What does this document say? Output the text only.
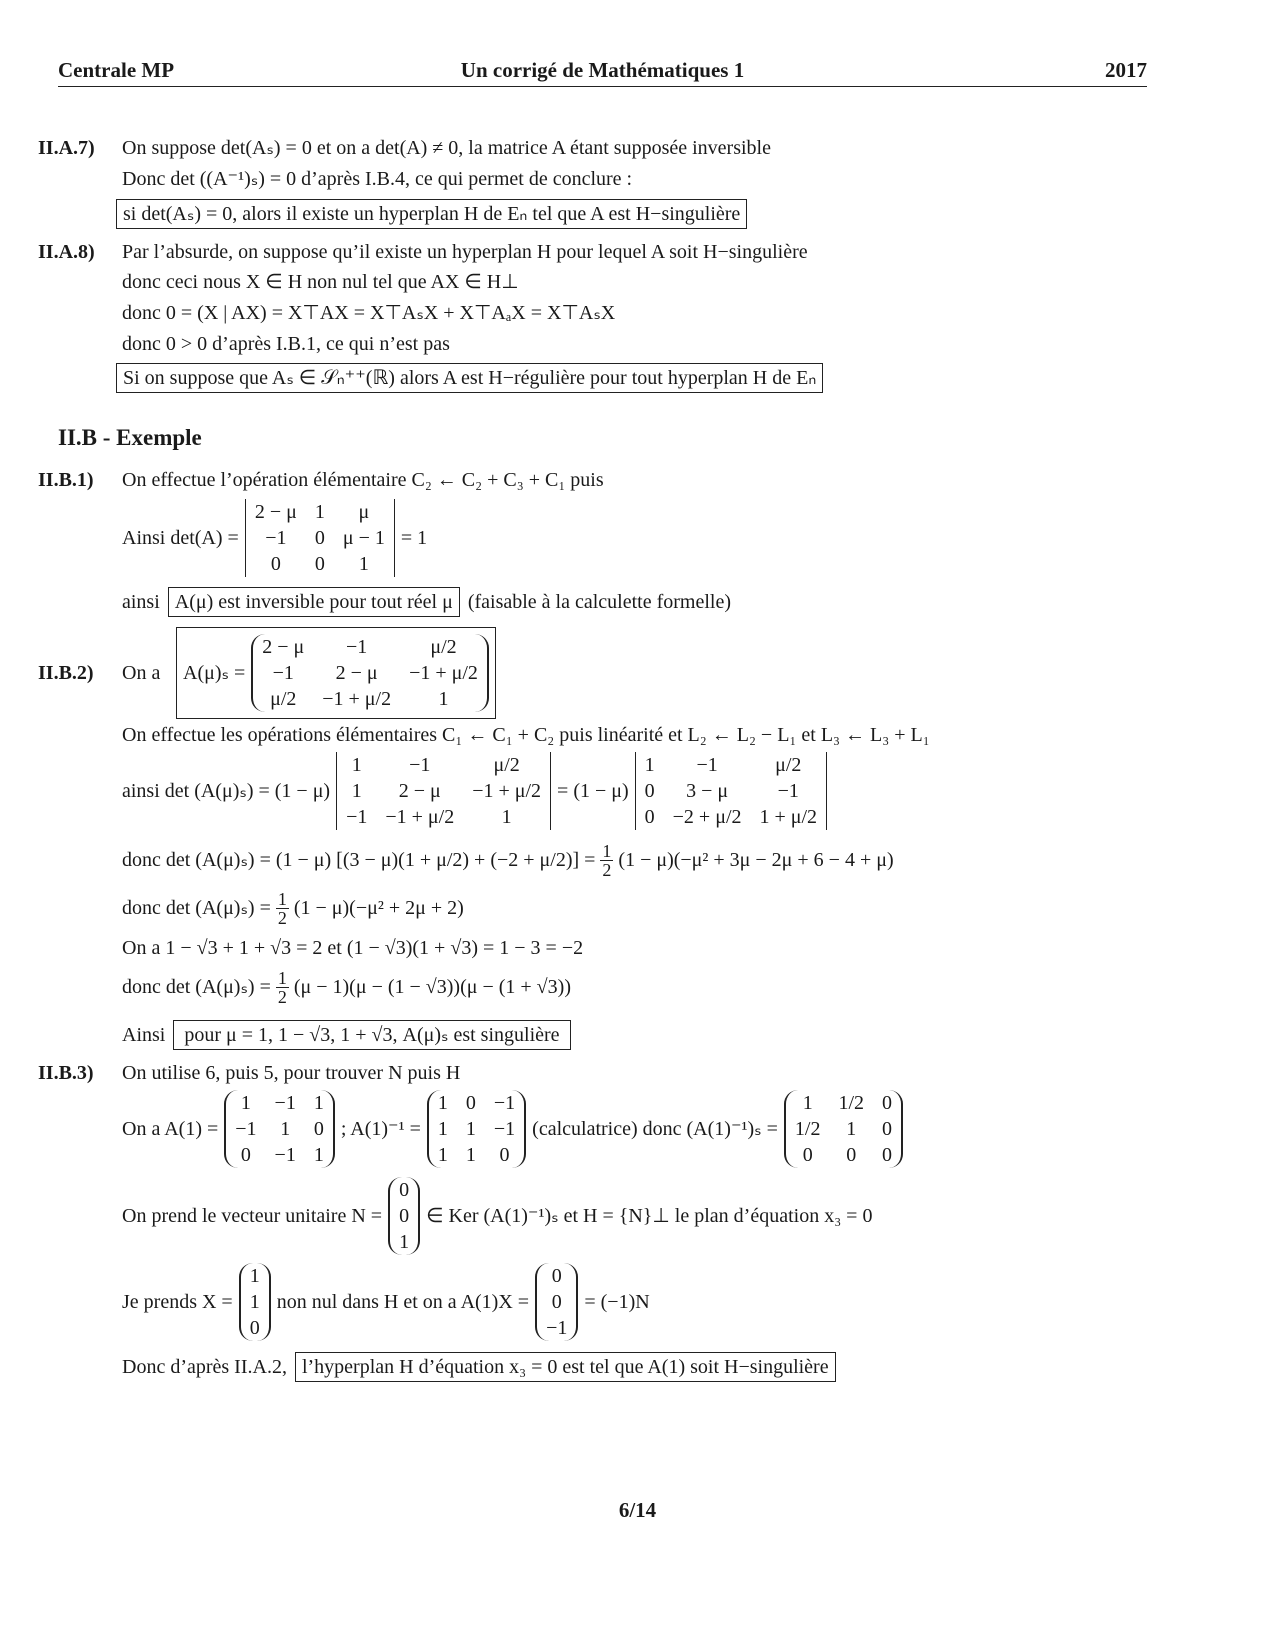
Centrale MP	Un corrigé de Mathématiques 1	2017
II.A.7) On suppose det(Aₛ) = 0 et on a det(A) ≠ 0, la matrice A étant supposée inversible
Donc det ((A⁻¹)ₛ) = 0 d’après I.B.4, ce qui permet de conclure :
si det(Aₛ) = 0, alors il existe un hyperplan H de Eₙ tel que A est H−singulière
II.A.8) Par l’absurde, on suppose qu’il existe un hyperplan H pour lequel A soit H−singulière
donc ceci nous X ∈ H non nul tel que AX ∈ H⊥
donc 0 = (X | AX) = X⊤AX = X⊤AₛX + X⊤AₐX = X⊤AₛX
donc 0 > 0 d’après I.B.1, ce qui n’est pas
Si on suppose que Aₛ ∈ 𝒮ₙ⁺⁺(ℝ) alors A est H−régulière pour tout hyperplan H de Eₙ
II.B - Exemple
II.B.1) On effectue l’opération élémentaire C₂ ← C₂ + C₃ + C₁ puis
Ainsi det(A) =
2 − μ	1	μ
−1	0	μ − 1
0	0	1
= 1
ainsi A(μ) est inversible pour tout réel μ (faisable à la calculette formelle)
II.B.2) On a A(μ)ₛ =
2 − μ	−1	μ/2
−1	2 − μ	−1 + μ/2
μ/2	−1 + μ/2	1
On effectue les opérations élémentaires C₁ ← C₁ + C₂ puis linéarité et L₂ ← L₂ − L₁ et L₃ ← L₃ + L₁
ainsi det (A(μ)ₛ) = (1 − μ)
1	−1	μ/2
1	2 − μ	−1 + μ/2
−1	−1 + μ/2	1
= (1 − μ)
1	−1	μ/2
0	3 − μ	−1
0	−2 + μ/2	1 + μ/2
donc det (A(μ)ₛ) = (1 − μ) $[(3 - \mu)(1 + \mu/2) + (-2 + \mu/2)] = \frac{1}{2} (1 - \mu)(-\mu^2 + 3\mu - 2\mu + 6 - 4 + \mu)$
donc $\det (A(\mu)_s) = \frac{1}{2} (1 - \mu)(-\mu^2 + 2\mu + 2)$
On a 1 − √3 + 1 + √3 = 2 et (1 − √3)(1 + √3) = 1 − 3 = −2
donc $\det (A(\mu)_s) = \frac{1}{2} (\mu - 1)(\mu - (1 - √3))(\mu - (1 + √3))$
Ainsi pour μ = 1, 1 − √3, 1 + √3, A(μ)ₛ est singulière
II.B.3) On utilise 6, puis 5, pour trouver N puis H
On a A(1) =
1	−1	1
−1	1	0
0	−1	1
; A(1)⁻¹ =
1	0	−1
1	1	−1
1	1	0
(calculatrice) donc (A(1)⁻¹)ₛ =
1	1/2	0
1/2	1	0
0	0	0
On prend le vecteur unitaire N =
0
0
1
∈ Ker (A(1)⁻¹)ₛ et H = {N}⊥ le plan d’équation x₃ = 0
Je prends X =
1
1
0
non nul dans H et on a A(1)X =
0
0
−1
= (−1)N
Donc d’après II.A.2, l’hyperplan H d’équation x₃ = 0 est tel que A(1) soit H−singulière
6/14
